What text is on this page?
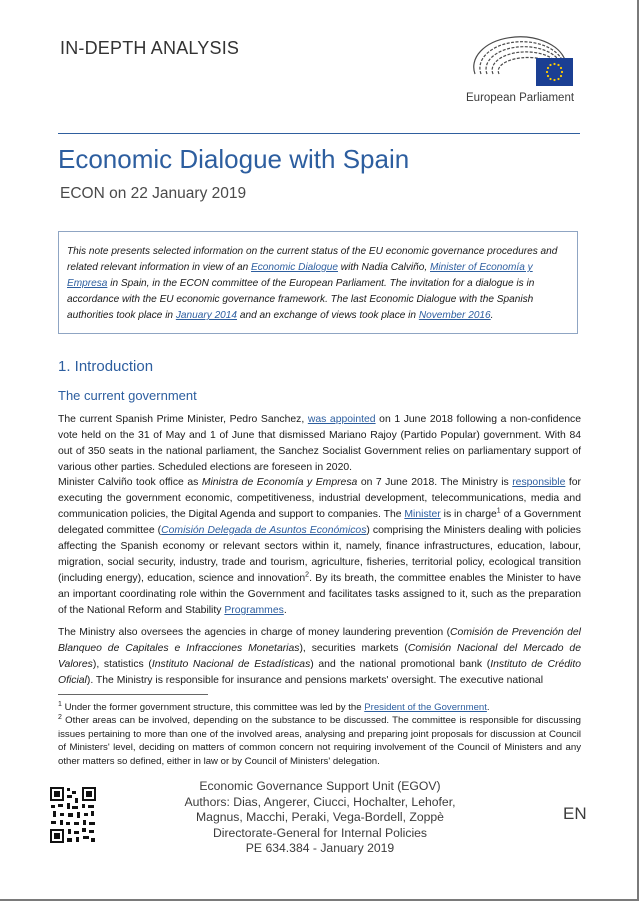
IN-DEPTH ANALYSIS
European Parliament
Economic Dialogue with Spain
ECON on 22 January 2019
This note presents selected information on the current status of the EU economic governance procedures and related relevant information in view of an Economic Dialogue with Nadia Calviño, Minister of Economía y Empresa in Spain, in the ECON committee of the European Parliament. The invitation for a dialogue is in accordance with the EU economic governance framework. The last Economic Dialogue with the Spanish authorities took place in January 2014 and an exchange of views took place in November 2016.
1. Introduction
The current government
The current Spanish Prime Minister, Pedro Sanchez, was appointed on 1 June 2018 following a non-confidence vote held on the 31 of May and 1 of June that dismissed Mariano Rajoy (Partido Popular) government. With 84 out of 350 seats in the national parliament, the Sanchez Socialist Government relies on parliamentary support of various other parties. Scheduled elections are foreseen in 2020.
Minister Calviño took office as Ministra de Economía y Empresa on 7 June 2018. The Ministry is responsible for executing the government economic, competitiveness, industrial development, telecommunications, media and communication policies, the Digital Agenda and support to companies. The Minister is in charge$^1$ of a Government delegated committee (Comisión Delegada de Asuntos Económicos) comprising the Ministers dealing with policies affecting the Spanish economy or relevant sectors within it, namely, finance infrastructures, education, labour, migration, social security, industry, trade and tourism, agriculture, fisheries, territorial policy, ecological transition (including energy), education, science and innovation$^2$. By its breath, the committee enables the Minister to have an important coordinating role within the Government and facilitates tasks assigned to it, such as the preparation of the National Reform and Stability Programmes.
The Ministry also oversees the agencies in charge of money laundering prevention (Comisión de Prevención del Blanqueo de Capitales e Infracciones Monetarias), securities markets (Comisión Nacional del Mercado de Valores), statistics (Instituto Nacional de Estadísticas) and the national promotional bank (Instituto de Crédito Oficial). The Ministry is responsible for insurance and pensions markets' oversight. The executive national
$^1$ Under the former government structure, this committee was led by the President of the Government.
$^2$ Other areas can be involved, depending on the substance to be discussed. The committee is responsible for discussing issues pertaining to more than one of the involved areas, analysing and preparing joint proposals for discussion at Council of Ministers' level, deciding on matters of common concern not requiring involvement of the Council of Ministers and any other matters so defined, either in law or by Council of Ministers' delegation.
Economic Governance Support Unit (EGOV)
Authors: Dias, Angerer, Ciucci, Hochalter, Lehofer,
Magnus, Macchi, Peraki, Vega-Bordell, Zoppè
Directorate-General for Internal Policies
PE 634.384 - January 2019
EN
